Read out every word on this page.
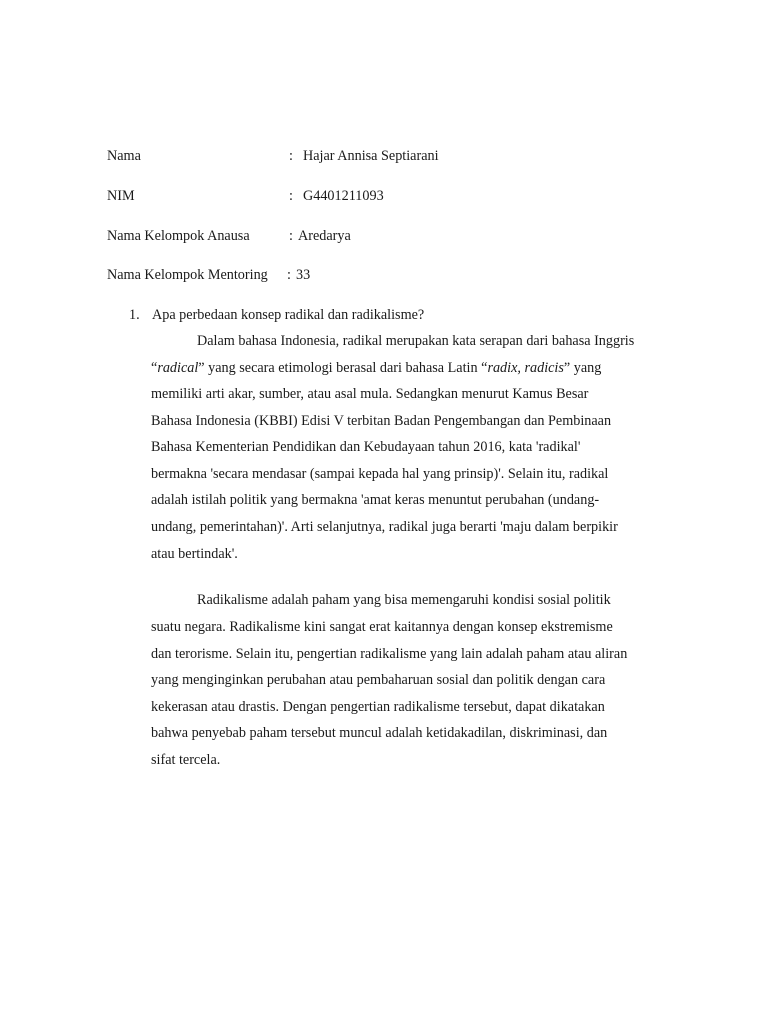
Nama	: Hajar Annisa Septiarani
NIM	: G4401211093
Nama Kelompok Anausa	: Aredarya
Nama Kelompok Mentoring : 33
1. Apa perbedaan konsep radikal dan radikalisme?
Dalam bahasa Indonesia, radikal merupakan kata serapan dari bahasa Inggris
“radical” yang secara etimologi berasal dari bahasa Latin “radix, radicis” yang
memiliki arti akar, sumber, atau asal mula. Sedangkan menurut Kamus Besar
Bahasa Indonesia (KBBI) Edisi V terbitan Badan Pengembangan dan Pembinaan
Bahasa Kementerian Pendidikan dan Kebudayaan tahun 2016, kata 'radikal'
bermakna 'secara mendasar (sampai kepada hal yang prinsip)'. Selain itu, radikal
adalah istilah politik yang bermakna 'amat keras menuntut perubahan (undang-
undang, pemerintahan)'. Arti selanjutnya, radikal juga berarti 'maju dalam berpikir
atau bertindak'.
Radikalisme adalah paham yang bisa memengaruhi kondisi sosial politik
suatu negara. Radikalisme kini sangat erat kaitannya dengan konsep ekstremisme
dan terorisme. Selain itu, pengertian radikalisme yang lain adalah paham atau aliran
yang menginginkan perubahan atau pembaharuan sosial dan politik dengan cara
kekerasan atau drastis. Dengan pengertian radikalisme tersebut, dapat dikatakan
bahwa penyebab paham tersebut muncul adalah ketidakadilan, diskriminasi, dan
sifat tercela.
